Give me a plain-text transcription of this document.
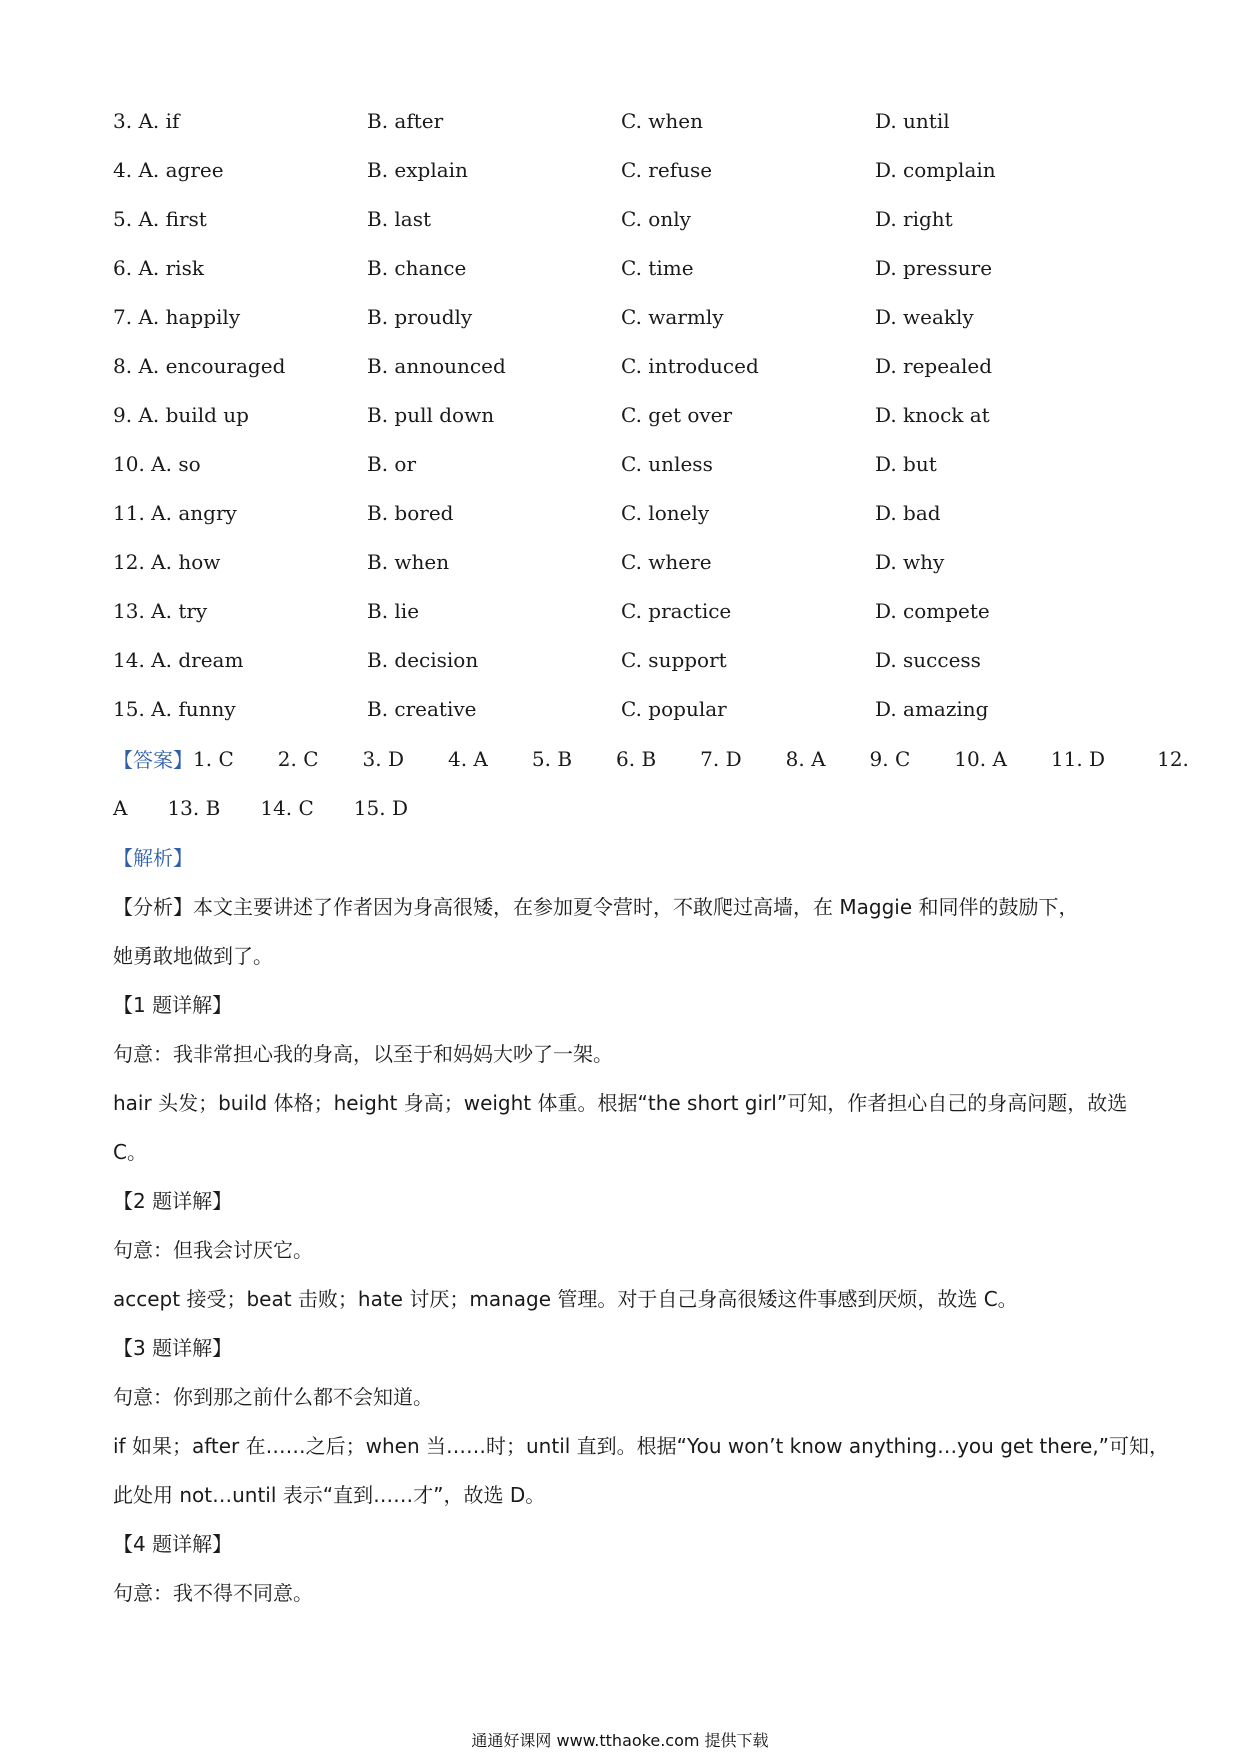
3. A. if	B. after	C. when	D. until
4. A. agree	B. explain	C. refuse	D. complain
5. A. first	B. last	C. only	D. right
6. A. risk	B. chance	C. time	D. pressure
7. A. happily	B. proudly	C. warmly	D. weakly
8. A. encouraged	B. announced	C. introduced	D. repealed
9. A. build up	B. pull down	C. get over	D. knock at
10. A. so	B. or	C. unless	D. but
11. A. angry	B. bored	C. lonely	D. bad
12. A. how	B. when	C. where	D. why
13. A. try	B. lie	C. practice	D. compete
14. A. dream	B. decision	C. support	D. success
15. A. funny	B. creative	C. popular	D. amazing
【答案】 1. C 2. C 3. D 4. A 5. B 6. B 7. D 8. A 9. C 10. A 11. D	12.
A 13. B 14. C 15. D
【解析】
【分析】本文主要讲述了作者因为身高很矮，在参加夏令营时，不敢爬过高墙，在 Maggie 和同伴的鼓励下，
她勇敢地做到了。
【1 题详解】
句意：我非常担心我的身高，以至于和妈妈大吵了一架。
hair 头发；build 体格；height 身高；weight 体重。根据“the short girl”可知，作者担心自己的身高问题，故选
C。
【2 题详解】
句意：但我会讨厌它。
accept 接受；beat 击败；hate 讨厌；manage 管理。对于自己身高很矮这件事感到厌烦，故选 C。
【3 题详解】
句意：你到那之前什么都不会知道。
if 如果；after 在……之后；when 当……时；until 直到。根据“You won’t know anything…you get there,”可知，
此处用 not…until 表示“直到……才”，故选 D。
【4 题详解】
句意：我不得不同意。
通通好课网 www.tthaoke.com 提供下载
